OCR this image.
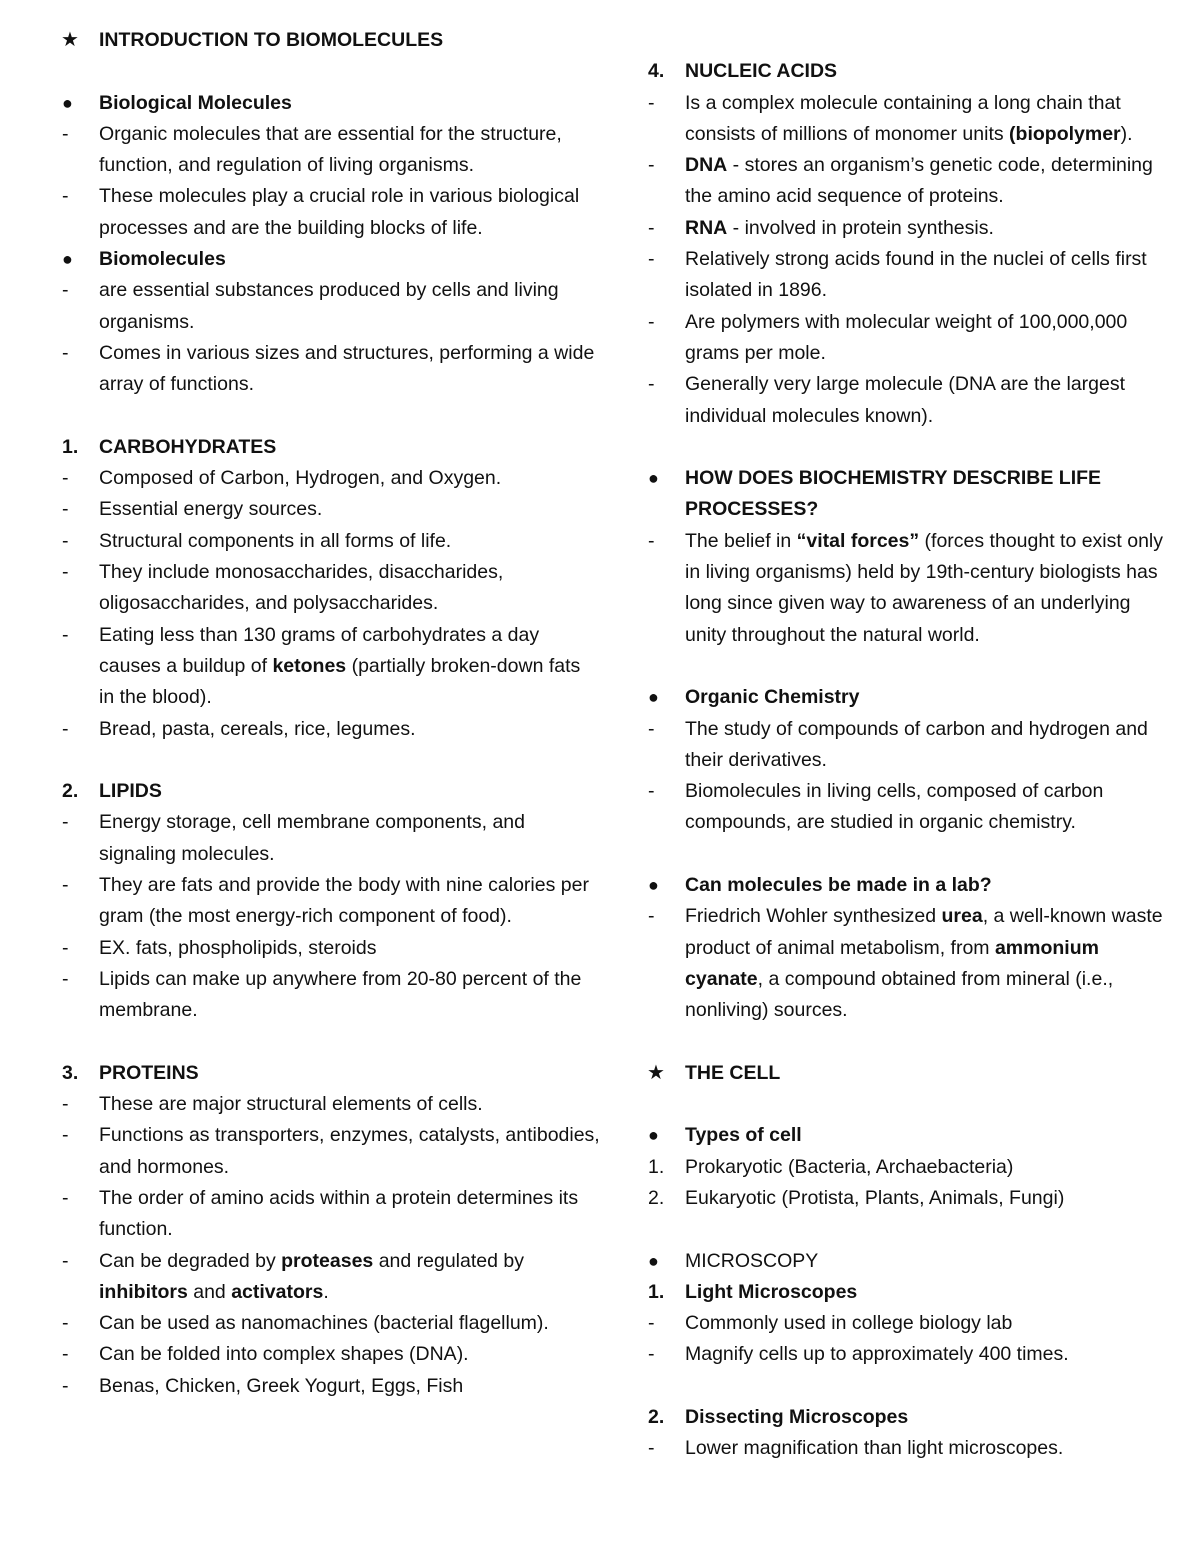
★	INTRODUCTION TO BIOMOLECULES
●	Biological Molecules
-	Organic molecules that are essential for the structure, function, and regulation of living organisms.
-	These molecules play a crucial role in various biological processes and are the building blocks of life.
●	Biomolecules
-	are essential substances produced by cells and living organisms.
-	Comes in various sizes and structures, performing a wide array of functions.
1.	CARBOHYDRATES
-	Composed of Carbon, Hydrogen, and Oxygen.
-	Essential energy sources.
-	Structural components in all forms of life.
-	They include monosaccharides, disaccharides, oligosaccharides, and polysaccharides.
-	Eating less than 130 grams of carbohydrates a day causes a buildup of ketones (partially broken-down fats in the blood).
-	Bread, pasta, cereals, rice, legumes.
2.	LIPIDS
-	Energy storage, cell membrane components, and signaling molecules.
-	They are fats and provide the body with nine calories per gram (the most energy-rich component of food).
-	EX. fats, phospholipids, steroids
-	Lipids can make up anywhere from 20-80 percent of the membrane.
3.	PROTEINS
-	These are major structural elements of cells.
-	Functions as transporters, enzymes, catalysts, antibodies, and hormones.
-	The order of amino acids within a protein determines its function.
-	Can be degraded by proteases and regulated by inhibitors and activators.
-	Can be used as nanomachines (bacterial flagellum).
-	Can be folded into complex shapes (DNA).
-	Benas, Chicken, Greek Yogurt, Eggs, Fish
4.	NUCLEIC ACIDS
-	Is a complex molecule containing a long chain that consists of millions of monomer units (biopolymer).
-	DNA - stores an organism’s genetic code, determining the amino acid sequence of proteins.
-	RNA - involved in protein synthesis.
-	Relatively strong acids found in the nuclei of cells first isolated in 1896.
-	Are polymers with molecular weight of 100,000,000 grams per mole.
-	Generally very large molecule (DNA are the largest individual molecules known).
●	HOW DOES BIOCHEMISTRY DESCRIBE LIFE PROCESSES?
-	The belief in “vital forces” (forces thought to exist only in living organisms) held by 19th-century biologists has long since given way to awareness of an underlying unity throughout the natural world.
●	Organic Chemistry
-	The study of compounds of carbon and hydrogen and their derivatives.
-	Biomolecules in living cells, composed of carbon compounds, are studied in organic chemistry.
●	Can molecules be made in a lab?
-	Friedrich Wohler synthesized urea, a well-known waste product of animal metabolism, from ammonium cyanate, a compound obtained from mineral (i.e., nonliving) sources.
★	THE CELL
●	Types of cell
1.	Prokaryotic (Bacteria, Archaebacteria)
2.	Eukaryotic (Protista, Plants, Animals, Fungi)
●	MICROSCOPY
1.	Light Microscopes
-	Commonly used in college biology lab
-	Magnify cells up to approximately 400 times.
2.	Dissecting Microscopes
-	Lower magnification than light microscopes.
